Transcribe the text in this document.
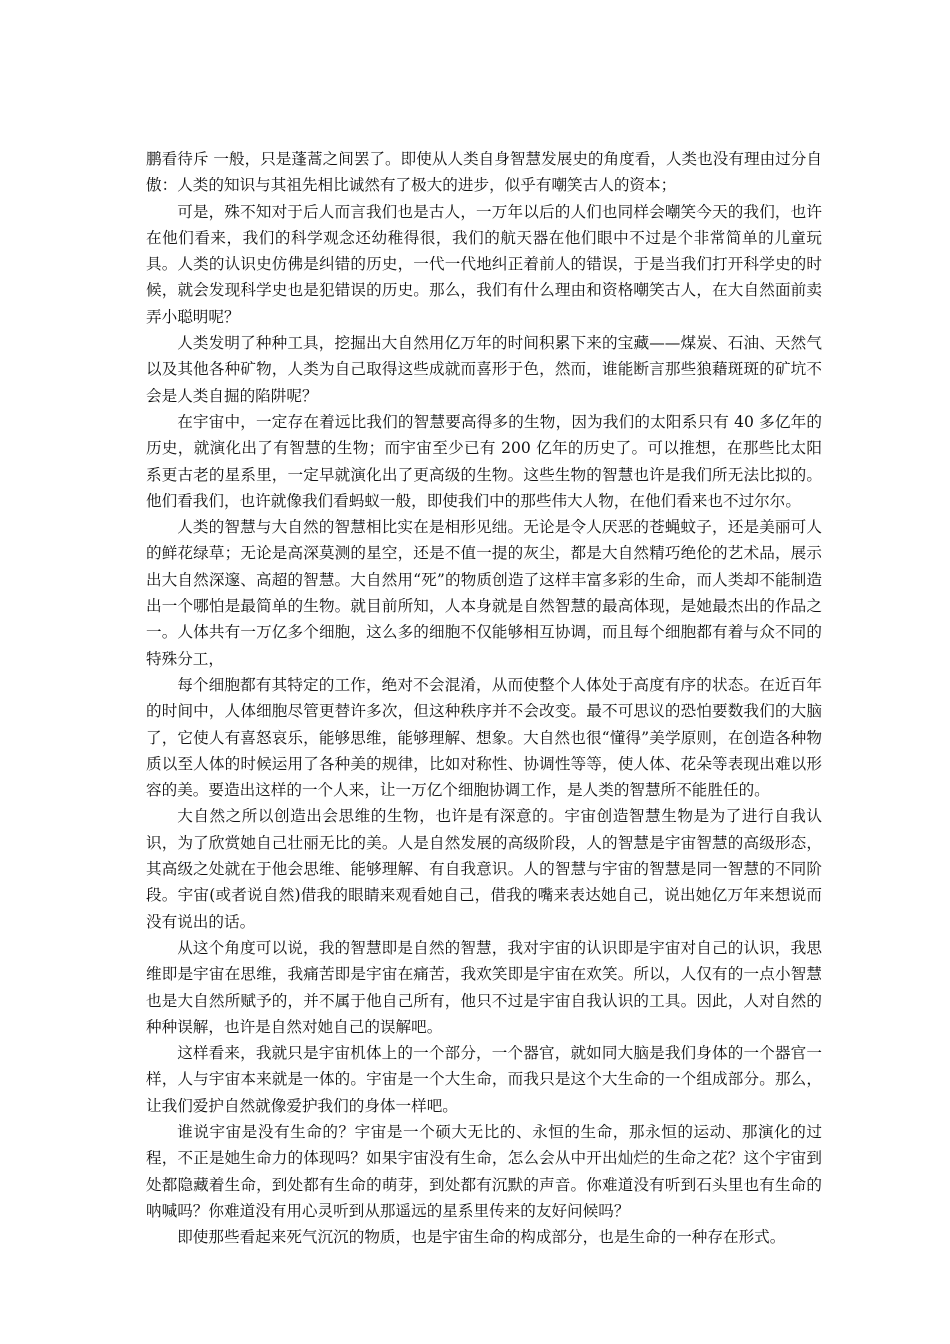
鹏看待斥 一般，只是蓬蒿之间罢了。即使从人类自身智慧发展史的角度看，人类也没有理由过分自傲：人类的知识与其祖先相比诚然有了极大的进步，似乎有嘲笑古人的资本；

可是，殊不知对于后人而言我们也是古人，一万年以后的人们也同样会嘲笑今天的我们，也许在他们看来，我们的科学观念还幼稚得很，我们的航天器在他们眼中不过是个非常简单的儿童玩具。人类的认识史仿佛是纠错的历史，一代一代地纠正着前人的错误，于是当我们打开科学史的时候，就会发现科学史也是犯错误的历史。那么，我们有什么理由和资格嘲笑古人，在大自然面前卖弄小聪明呢？

人类发明了种种工具，挖掘出大自然用亿万年的时间积累下来的宝藏——煤炭、石油、天然气以及其他各种矿物，人类为自己取得这些成就而喜形于色，然而，谁能断言那些狼藉斑斑的矿坑不会是人类自掘的陷阱呢？

在宇宙中，一定存在着远比我们的智慧要高得多的生物，因为我们的太阳系只有 40 多亿年的历史，就演化出了有智慧的生物；而宇宙至少已有 200 亿年的历史了。可以推想，在那些比太阳系更古老的星系里，一定早就演化出了更高级的生物。这些生物的智慧也许是我们所无法比拟的。他们看我们，也许就像我们看蚂蚁一般，即使我们中的那些伟大人物，在他们看来也不过尔尔。

人类的智慧与大自然的智慧相比实在是相形见绌。无论是令人厌恶的苍蝇蚊子，还是美丽可人的鲜花绿草；无论是高深莫测的星空，还是不值一提的灰尘，都是大自然精巧绝伦的艺术品，展示出大自然深邃、高超的智慧。大自然用“死”的物质创造了这样丰富多彩的生命，而人类却不能制造出一个哪怕是最简单的生物。就目前所知，人本身就是自然智慧的最高体现，是她最杰出的作品之一。人体共有一万亿多个细胞，这么多的细胞不仅能够相互协调，而且每个细胞都有着与众不同的特殊分工，

每个细胞都有其特定的工作，绝对不会混淆，从而使整个人体处于高度有序的状态。在近百年的时间中，人体细胞尽管更替许多次，但这种秩序并不会改变。最不可思议的恐怕要数我们的大脑了，它使人有喜怒哀乐，能够思维，能够理解、想象。大自然也很“懂得”美学原则，在创造各种物质以至人体的时候运用了各种美的规律，比如对称性、协调性等等，使人体、花朵等表现出难以形容的美。要造出这样的一个人来，让一万亿个细胞协调工作，是人类的智慧所不能胜任的。

大自然之所以创造出会思维的生物，也许是有深意的。宇宙创造智慧生物是为了进行自我认识，为了欣赏她自己壮丽无比的美。人是自然发展的高级阶段，人的智慧是宇宙智慧的高级形态，其高级之处就在于他会思维、能够理解、有自我意识。人的智慧与宇宙的智慧是同一智慧的不同阶段。宇宙(或者说自然)借我的眼睛来观看她自己，借我的嘴来表达她自己，说出她亿万年来想说而没有说出的话。

从这个角度可以说，我的智慧即是自然的智慧，我对宇宙的认识即是宇宙对自己的认识，我思维即是宇宙在思维，我痛苦即是宇宙在痛苦，我欢笑即是宇宙在欢笑。所以，人仅有的一点小智慧也是大自然所赋予的，并不属于他自己所有，他只不过是宇宙自我认识的工具。因此，人对自然的种种误解，也许是自然对她自己的误解吧。

这样看来，我就只是宇宙机体上的一个部分，一个器官，就如同大脑是我们身体的一个器官一样，人与宇宙本来就是一体的。宇宙是一个大生命，而我只是这个大生命的一个组成部分。那么，让我们爱护自然就像爱护我们的身体一样吧。

谁说宇宙是没有生命的？宇宙是一个硕大无比的、永恒的生命，那永恒的运动、那演化的过程，不正是她生命力的体现吗？如果宇宙没有生命，怎么会从中开出灿烂的生命之花？这个宇宙到处都隐藏着生命，到处都有生命的萌芽，到处都有沉默的声音。你难道没有听到石头里也有生命的呐喊吗？你难道没有用心灵听到从那遥远的星系里传来的友好问候吗？

即使那些看起来死气沉沉的物质，也是宇宙生命的构成部分，也是生命的一种存在形式。
